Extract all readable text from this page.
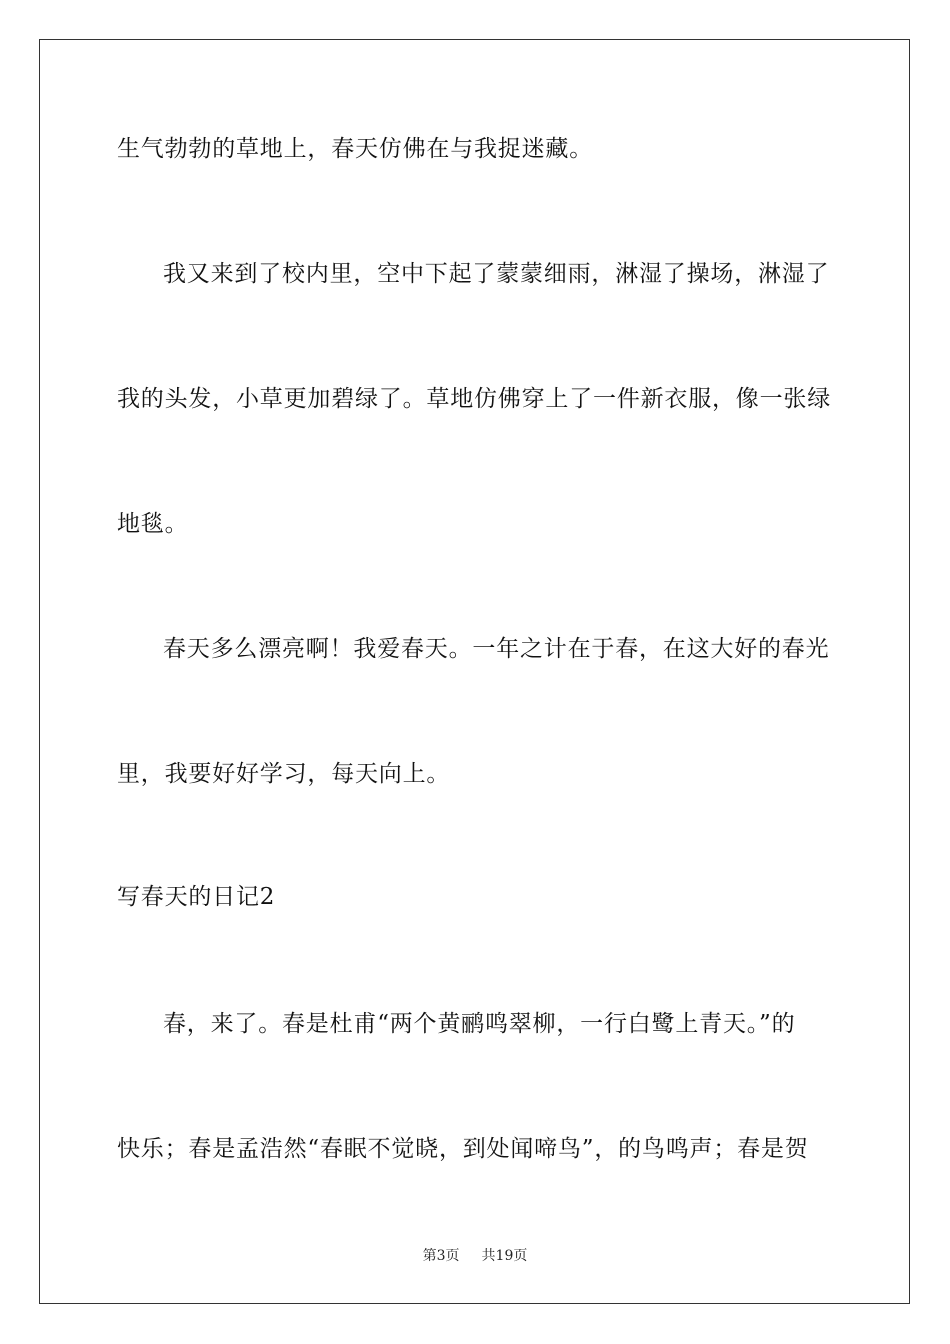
生气勃勃的草地上，春天仿佛在与我捉迷藏。
我又来到了校内里，空中下起了蒙蒙细雨，淋湿了操场，淋湿了
我的头发，小草更加碧绿了。草地仿佛穿上了一件新衣服，像一张绿
地毯。
春天多么漂亮啊！我爱春天。一年之计在于春，在这大好的春光
里，我要好好学习，每天向上。
写春天的日记2
春，来了。春是杜甫“两个黄鹂鸣翠柳，一行白鹭上青天。”的
快乐；春是孟浩然“春眠不觉晓，到处闻啼鸟”，的鸟鸣声；春是贺
第3页 共19页
